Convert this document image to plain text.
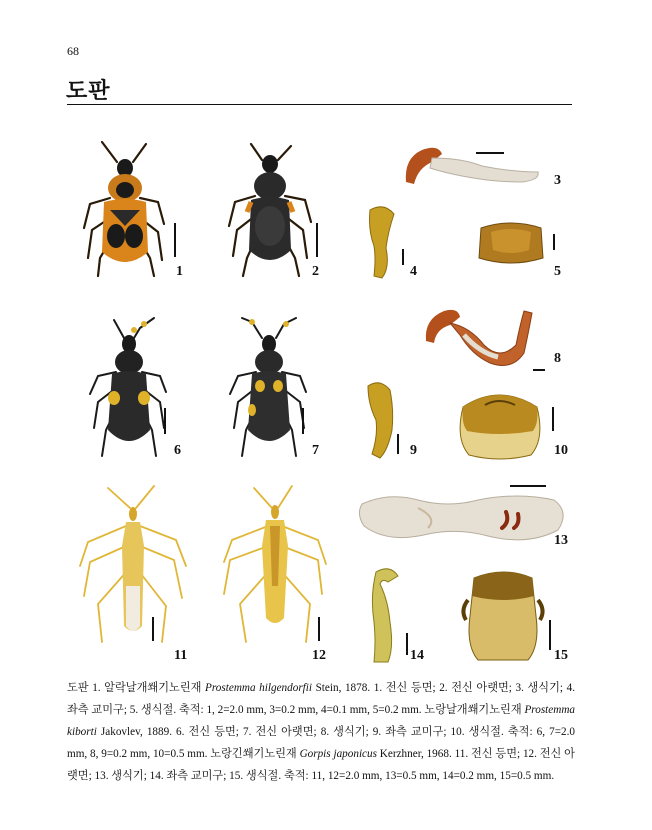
68
도판
1	2
3
4	5
6	7
8
9	10
11	12
13
14	15
도판 1. 알락날개쐐기노린재 Prostemma hilgendorfii Stein, 1878. 1. 전신 등면; 2. 전신 아랫면; 3. 생식기; 4. 좌측 교미구; 5. 생식절. 축적: 1, 2=2.0 mm, 3=0.2 mm, 4=0.1 mm, 5=0.2 mm. 노랑날개쐐기노린재 Prostemma kiborti Jakovlev, 1889. 6. 전신 등면; 7. 전신 아랫면; 8. 생식기; 9. 좌측 교미구; 10. 생식절. 축적: 6, 7=2.0 mm, 8, 9=0.2 mm, 10=0.5 mm. 노랑긴쐐기노린재 Gorpis japonicus Kerzhner, 1968. 11. 전신 등면; 12. 전신 아랫면; 13. 생식기; 14. 좌측 교미구; 15. 생식절. 축적: 11, 12=2.0 mm, 13=0.5 mm, 14=0.2 mm, 15=0.5 mm.
